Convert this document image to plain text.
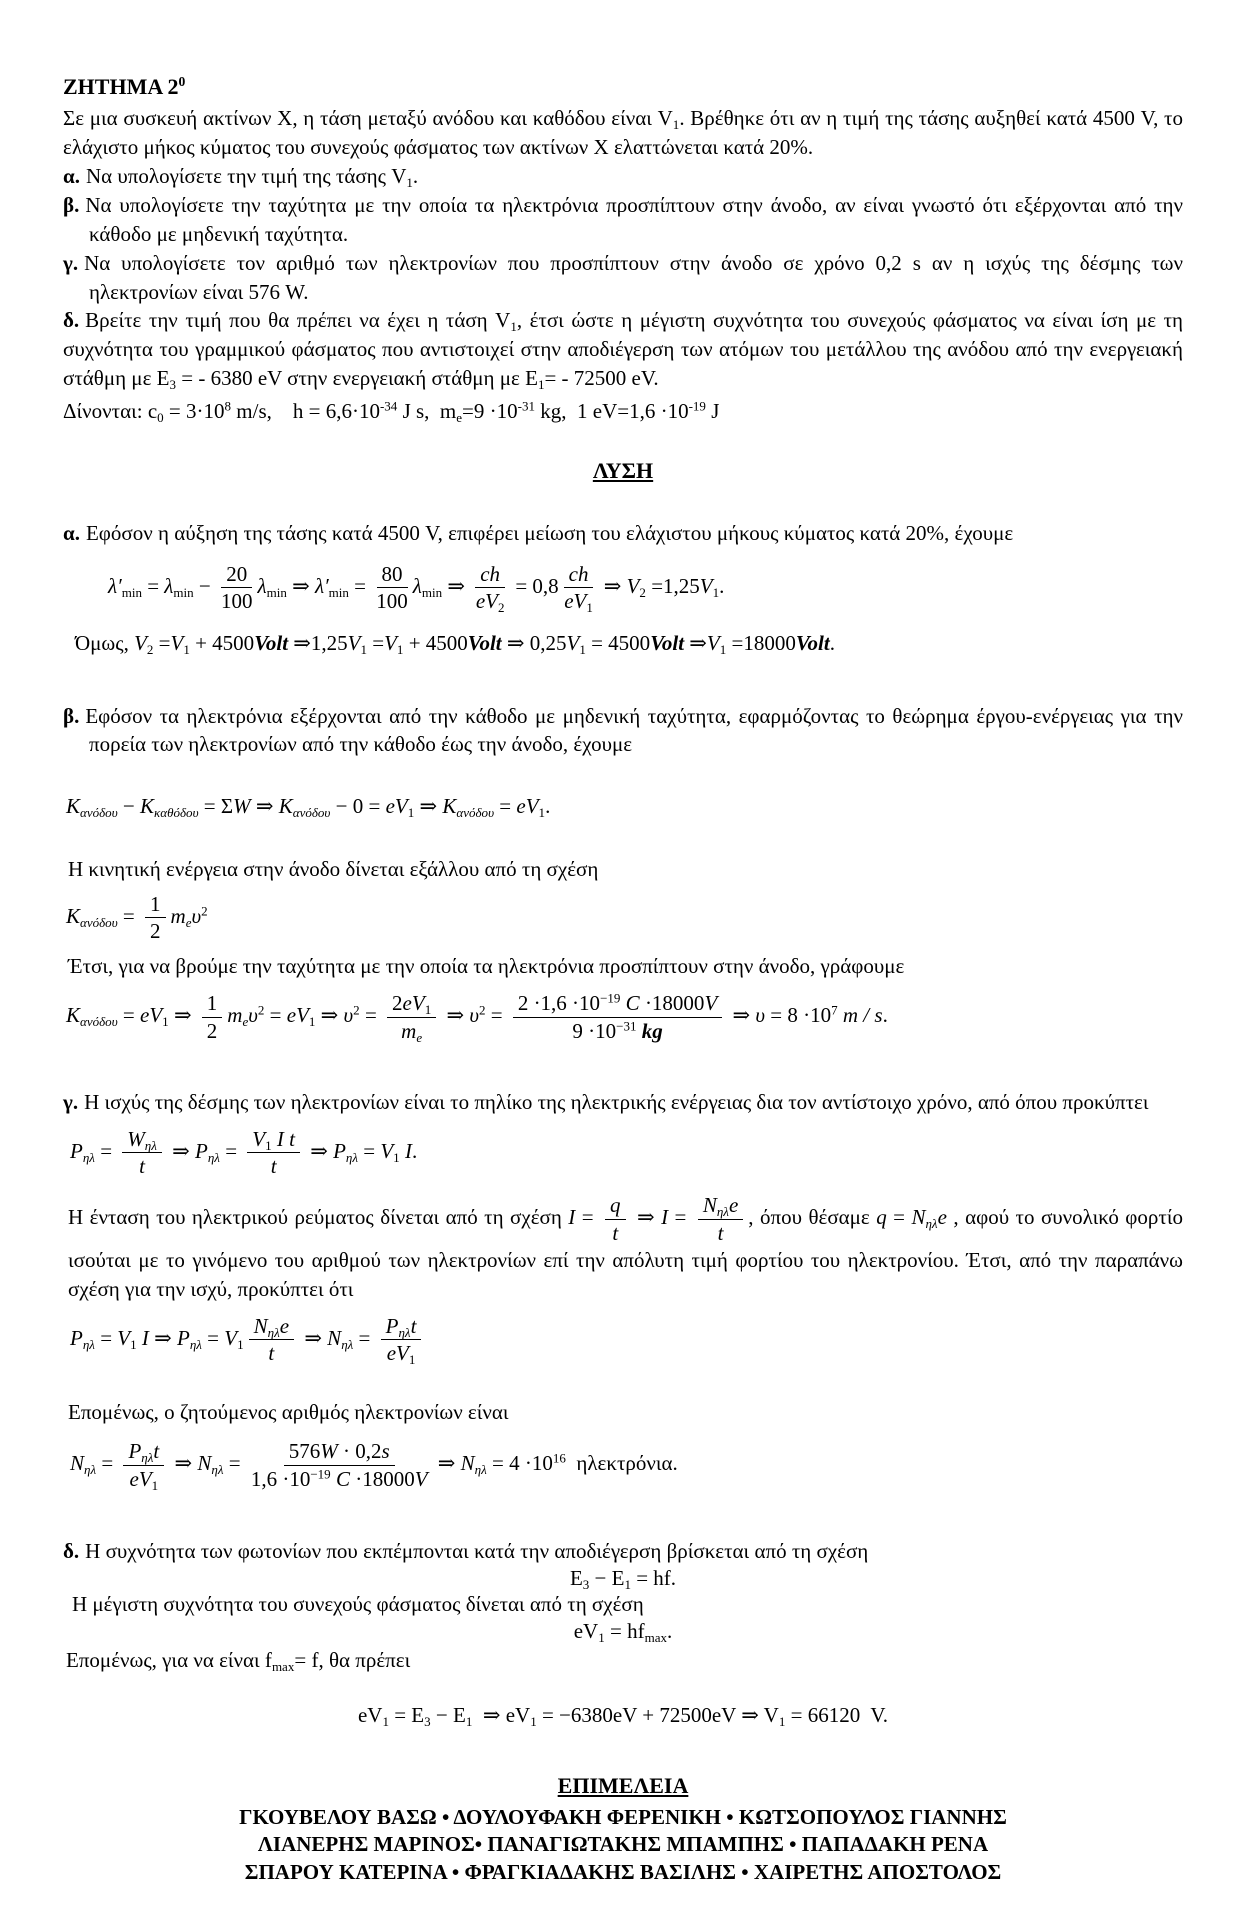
ΖΗΤΗΜΑ $2^0$

Σε μια συσκευή ακτίνων Χ, η τάση μεταξύ ανόδου και καθόδου είναι $V_1$. Βρέθηκε ότι αν η τιμή της τάσης αυξηθεί κατά 4500 V, το ελάχιστο μήκος κύματος του συνεχούς φάσματος των ακτίνων Χ ελαττώνεται κατά 20%.

α. Να υπολογίσετε την τιμή της τάσης $V_1$.

β. Να υπολογίσετε την ταχύτητα με την οποία τα ηλεκτρόνια προσπίπτουν στην άνοδο, αν είναι γνωστό ότι εξέρχονται από την κάθοδο με μηδενική ταχύτητα.

γ. Να υπολογίσετε τον αριθμό των ηλεκτρονίων που προσπίπτουν στην άνοδο σε χρόνο 0,2 s αν η ισχύς της δέσμης των ηλεκτρονίων είναι 576 W.

δ. Βρείτε την τιμή που θα πρέπει να έχει η τάση $V_1$, έτσι ώστε η μέγιστη συχνότητα του συνεχούς φάσματος να είναι ίση με τη συχνότητα του γραμμικού φάσματος που αντιστοιχεί στην αποδιέγερση των ατόμων του μετάλλου της ανόδου από την ενεργειακή στάθμη με $E_3$ = - 6380 eV στην ενεργειακή στάθμη με $E_1= - 72500$ eV.

Δίνονται: $c_0 = 3\cdot 10^8$ m/s,    $h = 6,6\cdot 10^{-34}$ J s,  $m_e=9 \cdot 10^{-31}$ kg,  1 $eV=1,6 \cdot 10^{-19}$ J

ΛΥΣΗ

α. Εφόσον η αύξηση της τάσης κατά 4500 V, επιφέρει μείωση του ελάχιστου μήκους κύματος κατά 20%, έχουμε

$\lambda'_{min} = \lambda_{min} - \frac{20}{100} \lambda_{min}$ ⇒ $\lambda'_{min} = \frac{80}{100} \lambda_{min}$ ⇒ $\frac{ch}{eV_2} = 0,8 \frac{ch}{eV_1}$ ⇒ $V_2 =1,25V_1$.
Όμως, $V_2 =V_1$ + 4500Volt $\Rightarrow 1,25V_1 =V_1$ + 4500Volt ⇒ $0,25V_1$ = 4500Volt $\Rightarrow V_1$ =18000Volt.

β. Εφόσον τα ηλεκτρόνια εξέρχονται από την κάθοδο με μηδενική ταχύτητα, εφαρμόζοντας το θεώρημα έργου-ενέργειας για την πορεία των ηλεκτρονίων από την κάθοδο έως την άνοδο, έχουμε

$K_{\alpha\nu ό\delta o\upsilon} - K_{\kappa\alpha\theta ό\delta o\upsilon} = \Sigma W$ ⇒ $K_{\alpha\nu ό\delta o\upsilon} - 0 = eV_1$ ⇒ $K_{\alpha\nu ό\delta o\upsilon} = eV_1$.

Η κινητική ενέργεια στην άνοδο δίνεται εξάλλου από τη σχέση

$K_{\alpha\nu ό\delta o\upsilon} = \frac{1}{2} m_e\upsilon^2$

Έτσι, για να βρούμε την ταχύτητα με την οποία τα ηλεκτρόνια προσπίπτουν στην άνοδο, γράφουμε

$K_{\alpha\nu ό\delta o\upsilon} = eV_1$ ⇒ $\frac{1}{2} m_e\upsilon^2 = eV_1$ ⇒ $\upsilon^2 = \frac{2eV_1}{m_e}$ ⇒ $\upsilon^2 = \frac{2 \cdot 1,6 \cdot 10^{-19} C \cdot 18000V}{9 \cdot 10^{-31} kg}$ ⇒ $\upsilon = 8 \cdot 10^7$ m / s.

γ. Η ισχύς της δέσμης των ηλεκτρονίων είναι το πηλίκο της ηλεκτρικής ενέργειας δια τον αντίστοιχο χρόνο, από όπου προκύπτει

$P_{\eta\lambda} = \frac{W_{\eta\lambda}}{t}$ ⇒ $P_{\eta\lambda} = \frac{V_1 I t}{t}$ ⇒ $P_{\eta\lambda} = V_1$ I.

Η ένταση του ηλεκτρικού ρεύματος δίνεται από τη σχέση $I = \frac{q}{t}$ ⇒ $I = \frac{N_{\eta\lambda}e}{t}$ , όπου θέσαμε $q = N_{\eta\lambda}e$ , αφού το συνολικό φορτίο ισούται με το γινόμενο του αριθμού των ηλεκτρονίων επί την απόλυτη τιμή φορτίου του ηλεκτρονίου. Έτσι, από την παραπάνω σχέση για την ισχύ, προκύπτει ότι

$P_{\eta\lambda} = V_1$ I ⇒ $P_{\eta\lambda} = V_1 \frac{N_{\eta\lambda}e}{t}$ ⇒ $N_{\eta\lambda} = \frac{P_{\eta\lambda}t}{eV_1}$

Επομένως, ο ζητούμενος αριθμός ηλεκτρονίων είναι

$N_{\eta\lambda} = \frac{P_{\eta\lambda}t}{eV_1}$ ⇒ $N_{\eta\lambda} = \frac{576W \cdot 0,2s}{1,6 \cdot 10^{-19} C \cdot 18000V}$ ⇒ $N_{\eta\lambda} = 4 \cdot 10^{16}$  ηλεκτρόνια.

δ. Η συχνότητα των φωτονίων που εκπέμπονται κατά την αποδιέγερση βρίσκεται από τη σχέση

$E_3 - E_1$ = hf.

Η μέγιστη συχνότητα του συνεχούς φάσματος δίνεται από τη σχέση

$eV_1 = hf_{max}$.

Επομένως, για να είναι $f_{max}= f$, θα πρέπει

$eV_1 = E_3 - E_1$  ⇒ $eV_1 = -6380eV + 72500eV$ ⇒ $V_1 = 66120$  V.
ΕΠΙΜΕΛΕΙΑ

ΓΚΟΥΒΕΛΟΥ ΒΑΣΩ • ΔΟΥΛΟΥΦΑΚΗ ΦΕΡΕΝΙΚΗ • ΚΩΤΣΟΠΟΥΛΟΣ ΓΙΑΝΝΗΣ

ΛΙΑΝΕΡΗΣ ΜΑΡΙΝΟΣ• ΠΑΝΑΓΙΩΤΑΚΗΣ ΜΠΑΜΠΗΣ • ΠΑΠΑΔΑΚΗ ΡΕΝΑ

ΣΠΑΡΟΥ ΚΑΤΕΡΙΝΑ • ΦΡΑΓΚΙΑΔΑΚΗΣ ΒΑΣΙΛΗΣ • ΧΑΙΡΕΤΗΣ ΑΠΟΣΤΟΛΟΣ
